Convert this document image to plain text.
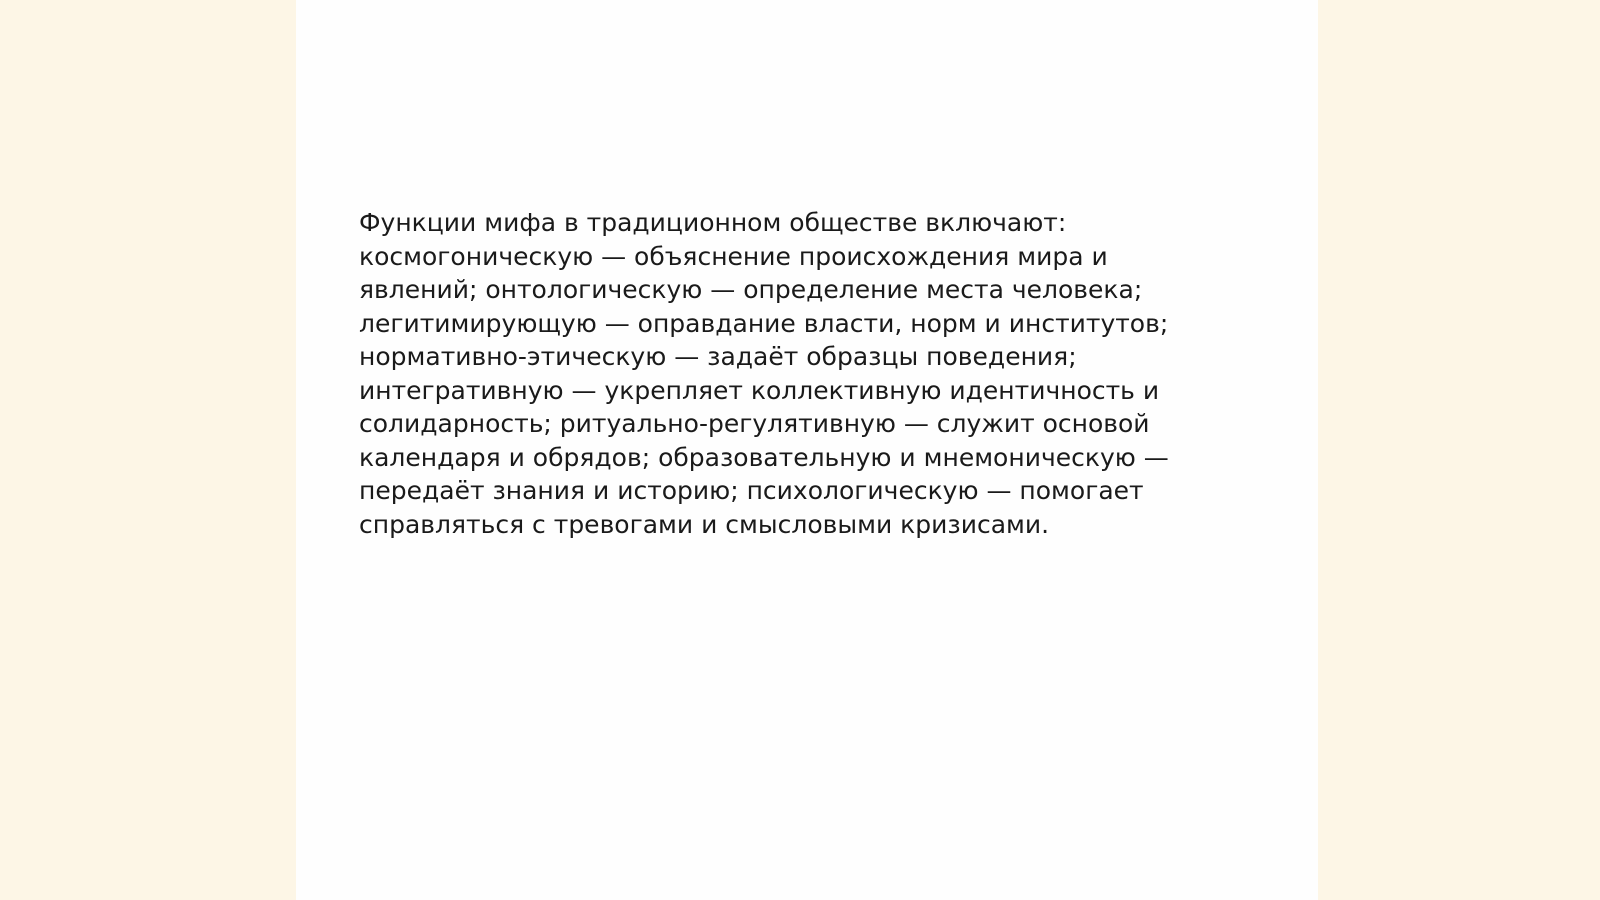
Функции мифа в традиционном обществе включают:
космогоническую — объяснение происхождения мира и
явлений; онтологическую — определение места человека;
легитимирующую — оправдание власти, норм и институтов;
нормативно-этическую — задаёт образцы поведения;
интегративную — укрепляет коллективную идентичность и
солидарность; ритуально-регулятивную — служит основой
календаря и обрядов; образовательную и мнемоническую —
передаёт знания и историю; психологическую — помогает
справляться с тревогами и смысловыми кризисами.
